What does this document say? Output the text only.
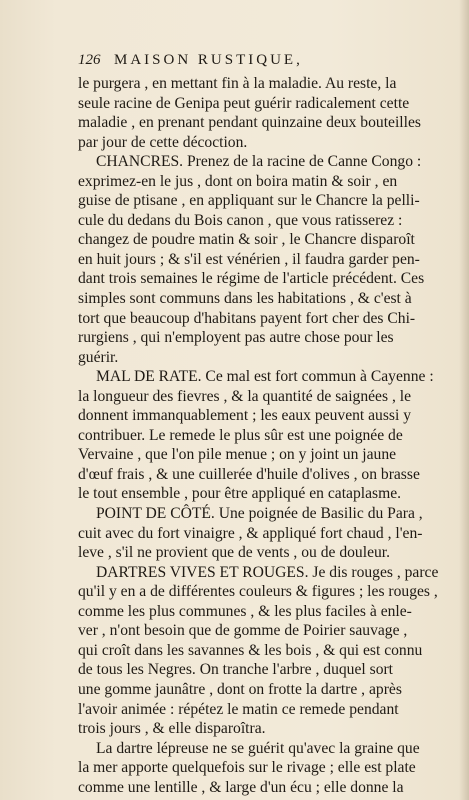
126 MAISON RUSTIQUE,
le purgera , en mettant fin à la maladie. Au reste, la
seule racine de Genipa peut guérir radicalement cette
maladie , en prenant pendant quinzaine deux bouteilles
par jour de cette décoction.
CHANCRES. Prenez de la racine de Canne Congo :
exprimez-en le jus , dont on boira matin & soir , en
guise de ptisane , en appliquant sur le Chancre la pelli-
cule du dedans du Bois canon , que vous ratisserez :
changez de poudre matin & soir , le Chancre disparoît
en huit jours ; & s'il est vénérien , il faudra garder pen-
dant trois semaines le régime de l'article précédent. Ces
simples sont communs dans les habitations , & c'est à
tort que beaucoup d'habitans payent fort cher des Chi-
rurgiens , qui n'employent pas autre chose pour les
guérir.
MAL DE RATE. Ce mal est fort commun à Cayenne :
la longueur des fievres , & la quantité de saignées , le
donnent immanquablement ; les eaux peuvent aussi y
contribuer. Le remede le plus sûr est une poignée de
Vervaine , que l'on pile menue ; on y joint un jaune
d'œuf frais , & une cuillerée d'huile d'olives , on brasse
le tout ensemble , pour être appliqué en cataplasme.
POINT DE CÔTÉ. Une poignée de Basilic du Para ,
cuit avec du fort vinaigre , & appliqué fort chaud , l'en-
leve , s'il ne provient que de vents , ou de douleur.
DARTRES VIVES ET ROUGES. Je dis rouges , parce
qu'il y en a de différentes couleurs & figures ; les rouges ,
comme les plus communes , & les plus faciles à enle-
ver , n'ont besoin que de gomme de Poirier sauvage ,
qui croît dans les savannes & les bois , & qui est connu
de tous les Negres. On tranche l'arbre , duquel sort
une gomme jaunâtre , dont on frotte la dartre , après
l'avoir animée : répétez le matin ce remede pendant
trois jours , & elle disparoîtra.
La dartre lépreuse ne se guérit qu'avec la graine que
la mer apporte quelquefois sur le rivage ; elle est plate
comme une lentille , & large d'un écu ; elle donne la
